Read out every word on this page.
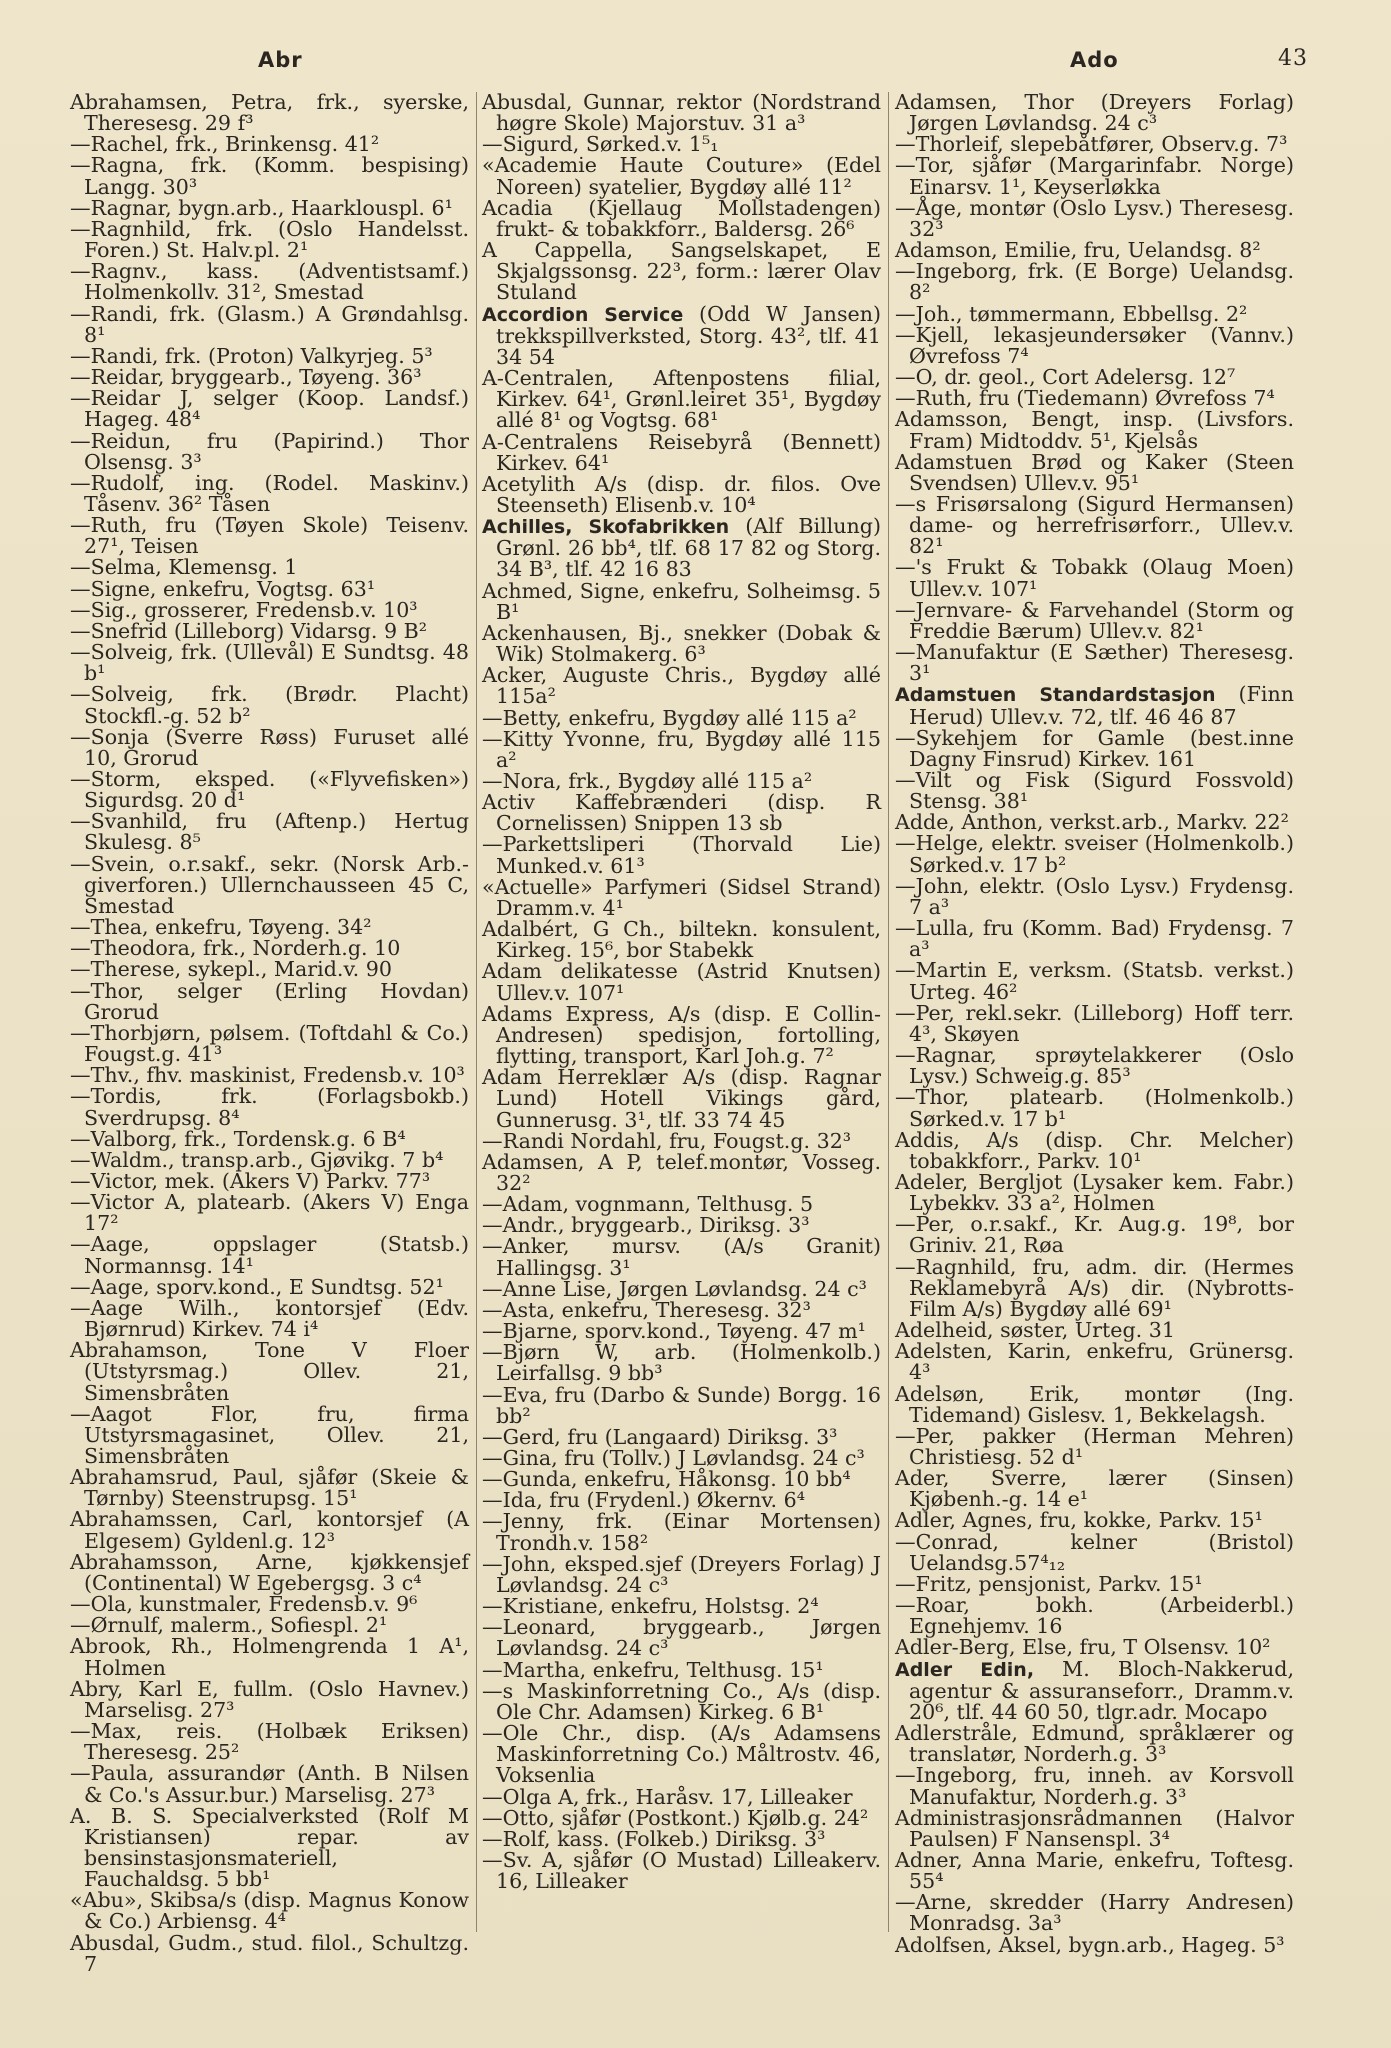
Abr	Ado	43

Abrahamsen, Petra, frk., syerske, Theresesg. 29 f³

—Rachel, frk., Brinkensg. 41²

—Ragna, frk. (Komm. bespising) Langg. 30³

—Ragnar, bygn.arb., Haarklouspl. 6¹

—Ragnhild, frk. (Oslo Handelsst. Foren.) St. Halv.pl. 2¹

—Ragnv., kass. (Adventistsamf.) Holmenkollv. 31², Smestad

—Randi, frk. (Glasm.) A Grøndahlsg. 8¹

—Randi, frk. (Proton) Valkyrjeg. 5³

—Reidar, bryggearb., Tøyeng. 36³

—Reidar J, selger (Koop. Landsf.) Hageg. 48⁴

—Reidun, fru (Papirind.) Thor Olsensg. 3³

—Rudolf, ing. (Rodel. Maskinv.) Tåsenv. 36² Tåsen

—Ruth, fru (Tøyen Skole) Teisenv. 27¹, Teisen

—Selma, Klemensg. 1

—Signe, enkefru, Vogtsg. 63¹

—Sig., grosserer, Fredensb.v. 10³

—Snefrid (Lilleborg) Vidarsg. 9 B²

—Solveig, frk. (Ullevål) E Sundtsg. 48 b¹

—Solveig, frk. (Brødr. Placht) Stockfl.-g. 52 b²

—Sonja (Sverre Røss) Furuset allé 10, Grorud

—Storm, eksped. («Flyvefisken») Sigurdsg. 20 d¹

—Svanhild, fru (Aftenp.) Hertug Skulesg. 8⁵

—Svein, o.r.sakf., sekr. (Norsk Arb.-giverforen.) Ullernchausseen 45 C, Smestad

—Thea, enkefru, Tøyeng. 34²

—Theodora, frk., Norderh.g. 10

—Therese, sykepl., Marid.v. 90

—Thor, selger (Erling Hovdan) Grorud

—Thorbjørn, pølsem. (Toftdahl & Co.) Fougst.g. 41³

—Thv., fhv. maskinist, Fredensb.v. 10³

—Tordis, frk. (Forlagsbokb.) Sverdrupsg. 8⁴

—Valborg, frk., Tordensk.g. 6 B⁴

—Waldm., transp.arb., Gjøvikg. 7 b⁴

—Victor, mek. (Akers V) Parkv. 77³

—Victor A, platearb. (Akers V) Enga 17²

—Aage, oppslager (Statsb.) Normannsg. 14¹

—Aage, sporv.kond., E Sundtsg. 52¹

—Aage Wilh., kontorsjef (Edv. Bjørnrud) Kirkev. 74 i⁴

Abrahamson, Tone V Floer (Utstyrsmag.) Ollev. 21, Simensbråten

—Aagot Flor, fru, firma Utstyrsmagasinet, Ollev. 21, Simensbråten

Abrahamsrud, Paul, sjåfør (Skeie & Tørnby) Steenstrupsg. 15¹

Abrahamssen, Carl, kontorsjef (A Elgesem) Gyldenl.g. 12³

Abrahamsson, Arne, kjøkkensjef (Continental) W Egebergsg. 3 c⁴

—Ola, kunstmaler, Fredensb.v. 9⁶

—Ørnulf, malerm., Sofiespl. 2¹

Abrook, Rh., Holmengrenda 1 A¹, Holmen

Abry, Karl E, fullm. (Oslo Havnev.) Marselisg. 27³

—Max, reis. (Holbæk Eriksen) Theresesg. 25²

—Paula, assurandør (Anth. B Nilsen & Co.'s Assur.bur.) Marselisg. 27³

A. B. S. Specialverksted (Rolf M Kristiansen) repar. av bensinstasjonsmateriell, Fauchaldsg. 5 bb¹

«Abu», Skibsa/s (disp. Magnus Konow & Co.) Arbiensg. 4⁴

Abusdal, Gudm., stud. filol., Schultzg. 7

Abusdal, Gunnar, rektor (Nordstrand høgre Skole) Majorstuv. 31 a³

—Sigurd, Sørked.v. 1⁵₁

«Academie Haute Couture» (Edel Noreen) syatelier, Bygdøy allé 11²

Acadia (Kjellaug Mollstadengen) frukt- & tobakkforr., Baldersg. 26⁶

A Cappella, Sangselskapet, E Skjalgssonsg. 22³, form.: lærer Olav Stuland

Accordion Service (Odd W Jansen) trekkspillverksted, Storg. 43², tlf. 41 34 54

A-Centralen, Aftenpostens filial, Kirkev. 64¹, Grønl.leiret 35¹, Bygdøy allé 8¹ og Vogtsg. 68¹

A-Centralens Reisebyrå (Bennett) Kirkev. 64¹

Acetylith A/s (disp. dr. filos. Ove Steenseth) Elisenb.v. 10⁴

Achilles, Skofabrikken (Alf Billung) Grønl. 26 bb⁴, tlf. 68 17 82 og Storg. 34 B³, tlf. 42 16 83

Achmed, Signe, enkefru, Solheimsg. 5 B¹

Ackenhausen, Bj., snekker (Dobak & Wik) Stolmakerg. 6³

Acker, Auguste Chris., Bygdøy allé 115a²

—Betty, enkefru, Bygdøy allé 115 a²

—Kitty Yvonne, fru, Bygdøy allé 115 a²

—Nora, frk., Bygdøy allé 115 a²

Activ Kaffebrænderi (disp. R Cornelissen) Snippen 13 sb

—Parkettsliperi (Thorvald Lie) Munked.v. 61³

«Actuelle» Parfymeri (Sidsel Strand) Dramm.v. 4¹

Adalbért, G Ch., biltekn. konsulent, Kirkeg. 15⁶, bor Stabekk

Adam delikatesse (Astrid Knutsen) Ullev.v. 107¹

Adams Express, A/s (disp. E Collin-Andresen) spedisjon, fortolling, flytting, transport, Karl Joh.g. 7²

Adam Herreklær A/s (disp. Ragnar Lund) Hotell Vikings gård, Gunnerusg. 3¹, tlf. 33 74 45

—Randi Nordahl, fru, Fougst.g. 32³

Adamsen, A P, telef.montør, Vosseg. 32²

—Adam, vognmann, Telthusg. 5

—Andr., bryggearb., Diriksg. 3³

—Anker, mursv. (A/s Granit) Hallingsg. 3¹

—Anne Lise, Jørgen Løvlandsg. 24 c³

—Asta, enkefru, Theresesg. 32³

—Bjarne, sporv.kond., Tøyeng. 47 m¹

—Bjørn W, arb. (Holmenkolb.) Leirfallsg. 9 bb³

—Eva, fru (Darbo & Sunde) Borgg. 16 bb²

—Gerd, fru (Langaard) Diriksg. 3³

—Gina, fru (Tollv.) J Løvlandsg. 24 c³

—Gunda, enkefru, Håkonsg. 10 bb⁴

—Ida, fru (Frydenl.) Økernv. 6⁴

—Jenny, frk. (Einar Mortensen) Trondh.v. 158²

—John, eksped.sjef (Dreyers Forlag) J Løvlandsg. 24 c³

—Kristiane, enkefru, Holstsg. 2⁴

—Leonard, bryggearb., Jørgen Løvlandsg. 24 c³

—Martha, enkefru, Telthusg. 15¹

—s Maskinforretning Co., A/s (disp. Ole Chr. Adamsen) Kirkeg. 6 B¹

—Ole Chr., disp. (A/s Adamsens Maskinforretning Co.) Måltrostv. 46, Voksenlia

—Olga A, frk., Haråsv. 17, Lilleaker

—Otto, sjåfør (Postkont.) Kjølb.g. 24²

—Rolf, kass. (Folkeb.) Diriksg. 3³

—Sv. A, sjåfør (O Mustad) Lilleakerv. 16, Lilleaker

Adamsen, Thor (Dreyers Forlag) Jørgen Løvlandsg. 24 c³

—Thorleif, slepebåtfører, Observ.g. 7³

—Tor, sjåfør (Margarinfabr. Norge) Einarsv. 1¹, Keyserløkka

—Åge, montør (Oslo Lysv.) Theresesg. 32³

Adamson, Emilie, fru, Uelandsg. 8²

—Ingeborg, frk. (E Borge) Uelandsg. 8²

—Joh., tømmermann, Ebbellsg. 2²

—Kjell, lekasjeundersøker (Vannv.) Øvrefoss 7⁴

—O, dr. geol., Cort Adelersg. 12⁷

—Ruth, fru (Tiedemann) Øvrefoss 7⁴

Adamsson, Bengt, insp. (Livsfors. Fram) Midtoddv. 5¹, Kjelsås

Adamstuen Brød og Kaker (Steen Svendsen) Ullev.v. 95¹

—s Frisørsalong (Sigurd Hermansen) dame- og herrefrisørforr., Ullev.v. 82¹

—'s Frukt & Tobakk (Olaug Moen) Ullev.v. 107¹

—Jernvare- & Farvehandel (Storm og Freddie Bærum) Ullev.v. 82¹

—Manufaktur (E Sæther) Theresesg. 3¹

Adamstuen Standardstasjon (Finn Herud) Ullev.v. 72, tlf. 46 46 87

—Sykehjem for Gamle (best.inne Dagny Finsrud) Kirkev. 161

—Vilt og Fisk (Sigurd Fossvold) Stensg. 38¹

Adde, Anthon, verkst.arb., Markv. 22²

—Helge, elektr. sveiser (Holmenkolb.) Sørked.v. 17 b²

—John, elektr. (Oslo Lysv.) Frydensg. 7 a³

—Lulla, fru (Komm. Bad) Frydensg. 7 a³

—Martin E, verksm. (Statsb. verkst.) Urteg. 46²

—Per, rekl.sekr. (Lilleborg) Hoff terr. 4³, Skøyen

—Ragnar, sprøytelakkerer (Oslo Lysv.) Schweig.g. 85³

—Thor, platearb. (Holmenkolb.) Sørked.v. 17 b¹

Addis, A/s (disp. Chr. Melcher) tobakkforr., Parkv. 10¹

Adeler, Bergljot (Lysaker kem. Fabr.) Lybekkv. 33 a², Holmen

—Per, o.r.sakf., Kr. Aug.g. 19⁸, bor Griniv. 21, Røa

—Ragnhild, fru, adm. dir. (Hermes Reklamebyrå A/s) dir. (Nybrotts-Film A/s) Bygdøy allé 69¹

Adelheid, søster, Urteg. 31

Adelsten, Karin, enkefru, Grünersg. 4³

Adelsøn, Erik, montør (Ing. Tidemand) Gislesv. 1, Bekkelagsh.

—Per, pakker (Herman Mehren) Christiesg. 52 d¹

Ader, Sverre, lærer (Sinsen) Kjøbenh.-g. 14 e¹

Adler, Agnes, fru, kokke, Parkv. 15¹

—Conrad, kelner (Bristol) Uelandsg.57⁴₁₂

—Fritz, pensjonist, Parkv. 15¹

—Roar, bokh. (Arbeiderbl.) Egnehjemv. 16

Adler-Berg, Else, fru, T Olsensv. 10²

Adler Edin, M. Bloch-Nakkerud, agentur & assuranseforr., Dramm.v. 20⁶, tlf. 44 60 50, tlgr.adr. Mocapo

Adlerstråle, Edmund, språklærer og translatør, Norderh.g. 3³

—Ingeborg, fru, inneh. av Korsvoll Manufaktur, Norderh.g. 3³

Administrasjonsrådmannen (Halvor Paulsen) F Nansenspl. 3⁴

Adner, Anna Marie, enkefru, Toftesg. 55⁴

—Arne, skredder (Harry Andresen) Monradsg. 3a³

Adolfsen, Aksel, bygn.arb., Hageg. 5³
